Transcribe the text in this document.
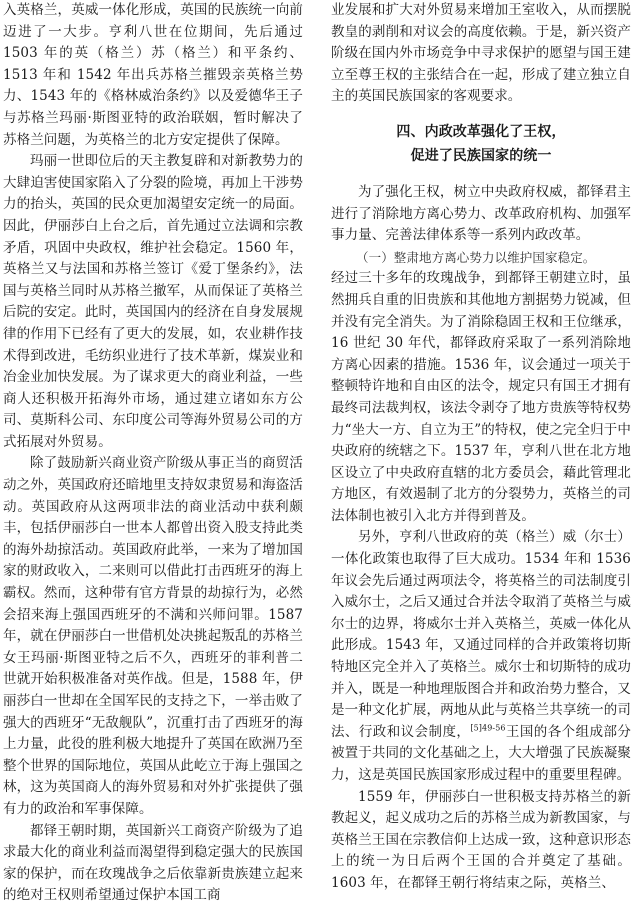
入英格兰，英威一体化形成，英国的民族统一向前迈进了一大步。亨利八世在位期间，先后通过 1503 年的英（格兰）苏（格兰）和平条约、1513 年和 1542 年出兵苏格兰摧毁亲英格兰势力、1543 年的《格林威治条约》以及爱德华王子与苏格兰玛丽·斯图亚特的政治联姻，暂时解决了苏格兰问题，为英格兰的北方安定提供了保障。

玛丽一世即位后的天主教复辟和对新教势力的大肆迫害使国家陷入了分裂的险境，再加上干涉势力的抬头，英国的民众更加渴望安定统一的局面。因此，伊丽莎白上台之后，首先通过立法调和宗教矛盾，巩固中央政权，维护社会稳定。1560 年，英格兰又与法国和苏格兰签订《爱丁堡条约》，法国与英格兰同时从苏格兰撤军，从而保证了英格兰后院的安定。此时，英国国内的经济在自身发展规律的作用下已经有了更大的发展，如，农业耕作技术得到改进，毛纺织业进行了技术革新，煤炭业和冶金业加快发展。为了谋求更大的商业利益，一些商人还积极开拓海外市场，通过建立诸如东方公司、莫斯科公司、东印度公司等海外贸易公司的方式拓展对外贸易。

除了鼓励新兴商业资产阶级从事正当的商贸活动之外，英国政府还暗地里支持奴隶贸易和海盗活动。英国政府从这两项非法的商业活动中获利颇丰，包括伊丽莎白一世本人都曾出资入股支持此类的海外劫掠活动。英国政府此举，一来为了增加国家的财政收入，二来则可以借此打击西班牙的海上霸权。然而，这种带有官方背景的劫掠行为，必然会招来海上强国西班牙的不满和兴师问罪。1587 年，就在伊丽莎白一世借机处决挑起叛乱的苏格兰女王玛丽·斯图亚特之后不久，西班牙的菲利普二世就开始积极准备对英作战。但是，1588 年，伊丽莎白一世却在全国军民的支持之下，一举击败了强大的西班牙“无敌舰队”，沉重打击了西班牙的海上力量，此役的胜利极大地提升了英国在欧洲乃至整个世界的国际地位，英国从此屹立于海上强国之林，这为英国商人的海外贸易和对外扩张提供了强有力的政治和军事保障。

都铎王朝时期，英国新兴工商资产阶级为了追求最大化的商业利益而渴望得到稳定强大的民族国家的保护，而在玫瑰战争之后依靠新贵族建立起来的绝对王权则希望通过保护本国工商

业发展和扩大对外贸易来增加王室收入，从而摆脱教皇的剥削和对议会的高度依赖。于是，新兴资产阶级在国内外市场竞争中寻求保护的愿望与国王建立至尊王权的主张结合在一起，形成了建立独立自主的英国民族国家的客观要求。

四、内政改革强化了王权，
促进了民族国家的统一

为了强化王权，树立中央政府权威，都铎君主进行了消除地方离心势力、改革政府机构、加强军事力量、完善法律体系等一系列内政改革。

（一）整肃地方离心势力以维护国家稳定。

经过三十多年的玫瑰战争，到都铎王朝建立时，虽然拥兵自重的旧贵族和其他地方割据势力锐减，但并没有完全消失。为了消除稳固王权和王位继承，16 世纪 30 年代，都铎政府采取了一系列消除地方离心因素的措施。1536 年，议会通过一项关于整顿特许地和自由区的法令，规定只有国王才拥有最终司法裁判权，该法令剥夺了地方贵族等特权势力“坐大一方、自立为王”的特权，使之完全归于中央政府的统辖之下。1537 年，亨利八世在北方地区设立了中央政府直辖的北方委员会，藉此管理北方地区，有效遏制了北方的分裂势力，英格兰的司法体制也被引入北方并得到普及。

另外，亨利八世政府的英（格兰）威（尔士）一体化政策也取得了巨大成功。1534 年和 1536 年议会先后通过两项法令，将英格兰的司法制度引入威尔士，之后又通过合并法令取消了英格兰与威尔士的边界，将威尔士并入英格兰，英威一体化从此形成。1543 年，又通过同样的合并政策将切斯特地区完全并入了英格兰。威尔士和切斯特的成功并入，既是一种地理版图合并和政治势力整合，又是一种文化扩展，两地从此与英格兰共享统一的司法、行政和议会制度，$^{[5]49-56}$王国的各个组成部分被置于共同的文化基础之上，大大增强了民族凝聚力，这是英国民族国家形成过程中的重要里程碑。

1559 年，伊丽莎白一世积极支持苏格兰的新教起义，起义成功之后的苏格兰成为新教国家，与英格兰王国在宗教信仰上达成一致，这种意识形态上的统一为日后两个王国的合并奠定了基础。1603 年，在都铎王朝行将结束之际，英格兰、
